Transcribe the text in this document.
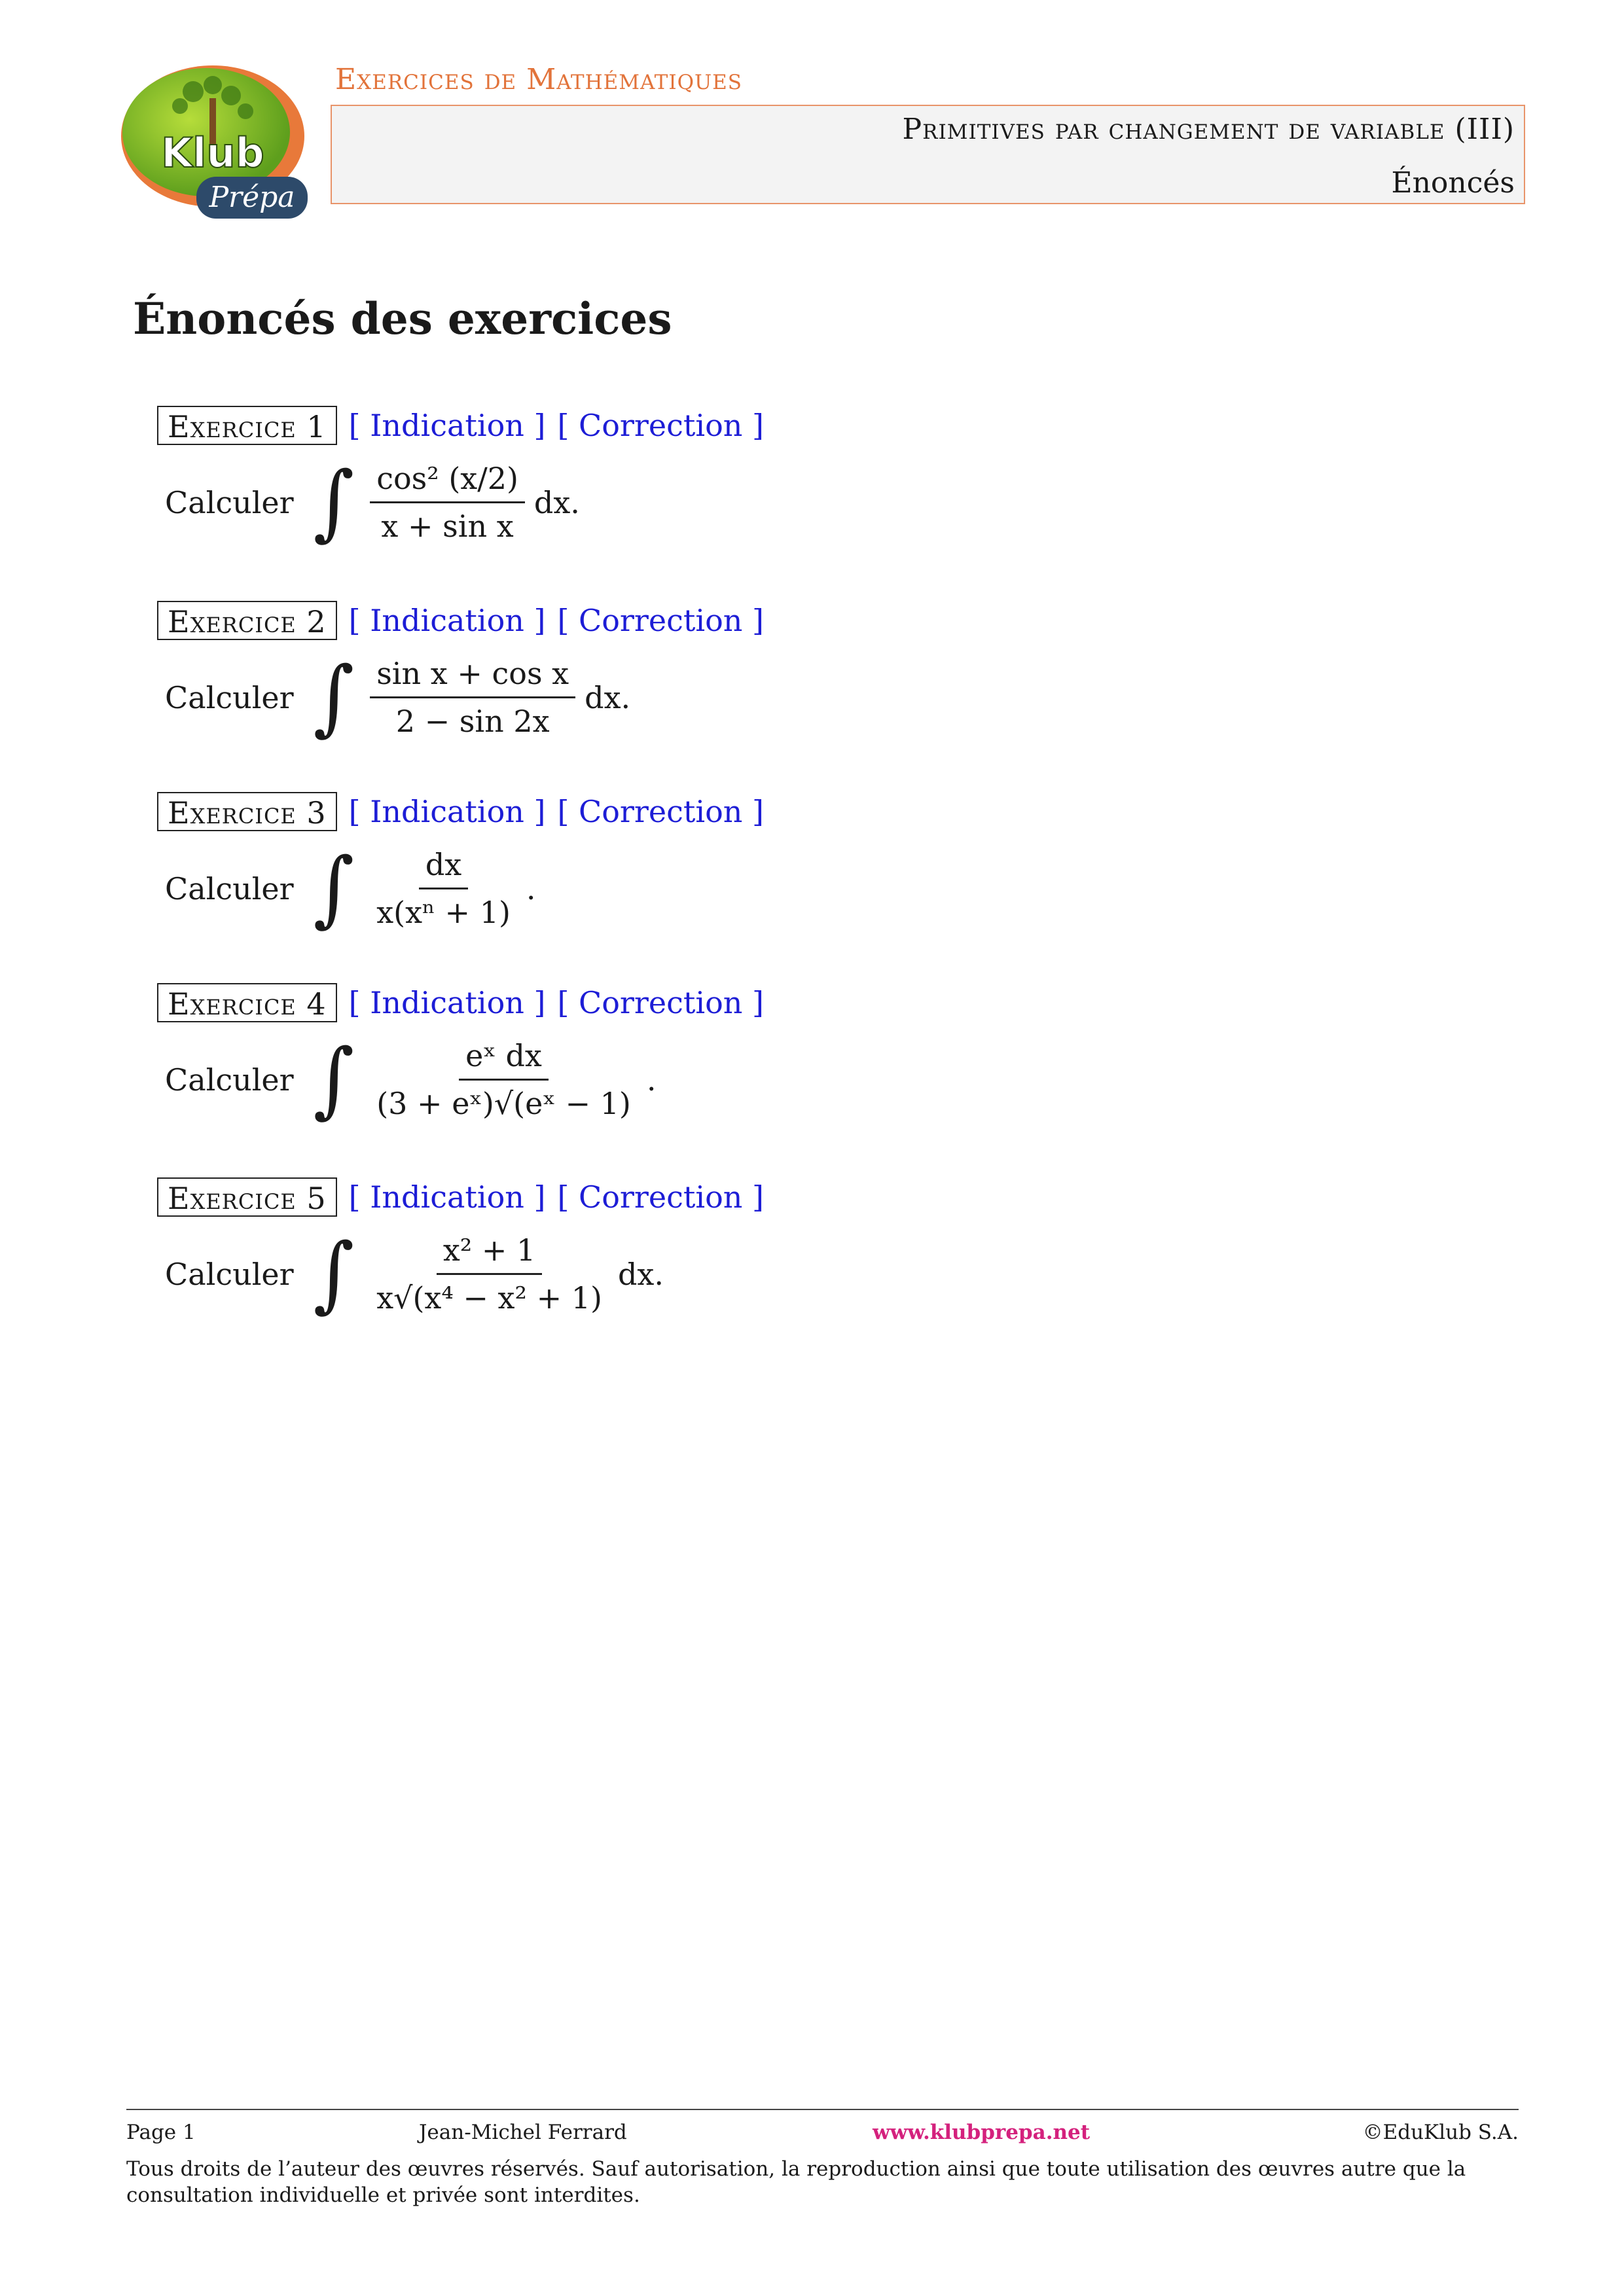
Klub
Prépa
Exercices de Mathématiques
Primitives par changement de variable (III)
Énoncés
Énoncés des exercices
Exercice 1 [ Indication ] [ Correction ]
Calculer ∫ $\frac{\text{cos² (x/2)}}{\text{x + sin x}}$ dx.
Exercice 2 [ Indication ] [ Correction ]
Calculer ∫ $\frac{\text{sin x + cos x}}{2 - \sin 2x}$ dx.
Exercice 3 [ Indication ] [ Correction ]
Calculer ∫ $\frac{dx}{\text{x(xⁿ + 1)}}$ .
Exercice 4 [ Indication ] [ Correction ]
Calculer ∫ $\frac{\text{eˣ dx}}{\text{(3 + eˣ)√(eˣ − 1)}}$ .
Exercice 5 [ Indication ] [ Correction ]
Calculer ∫ $\frac{\text{x² + 1}}{\text{x√(x⁴ − x² + 1)}}$ dx.
Page 1	Jean-Michel Ferrard	www.klubprepa.net	©EduKlub S.A.
Tous droits de l’auteur des œuvres réservés. Sauf autorisation, la reproduction ainsi que toute utilisation des œuvres autre que la consultation individuelle et privée sont interdites.
